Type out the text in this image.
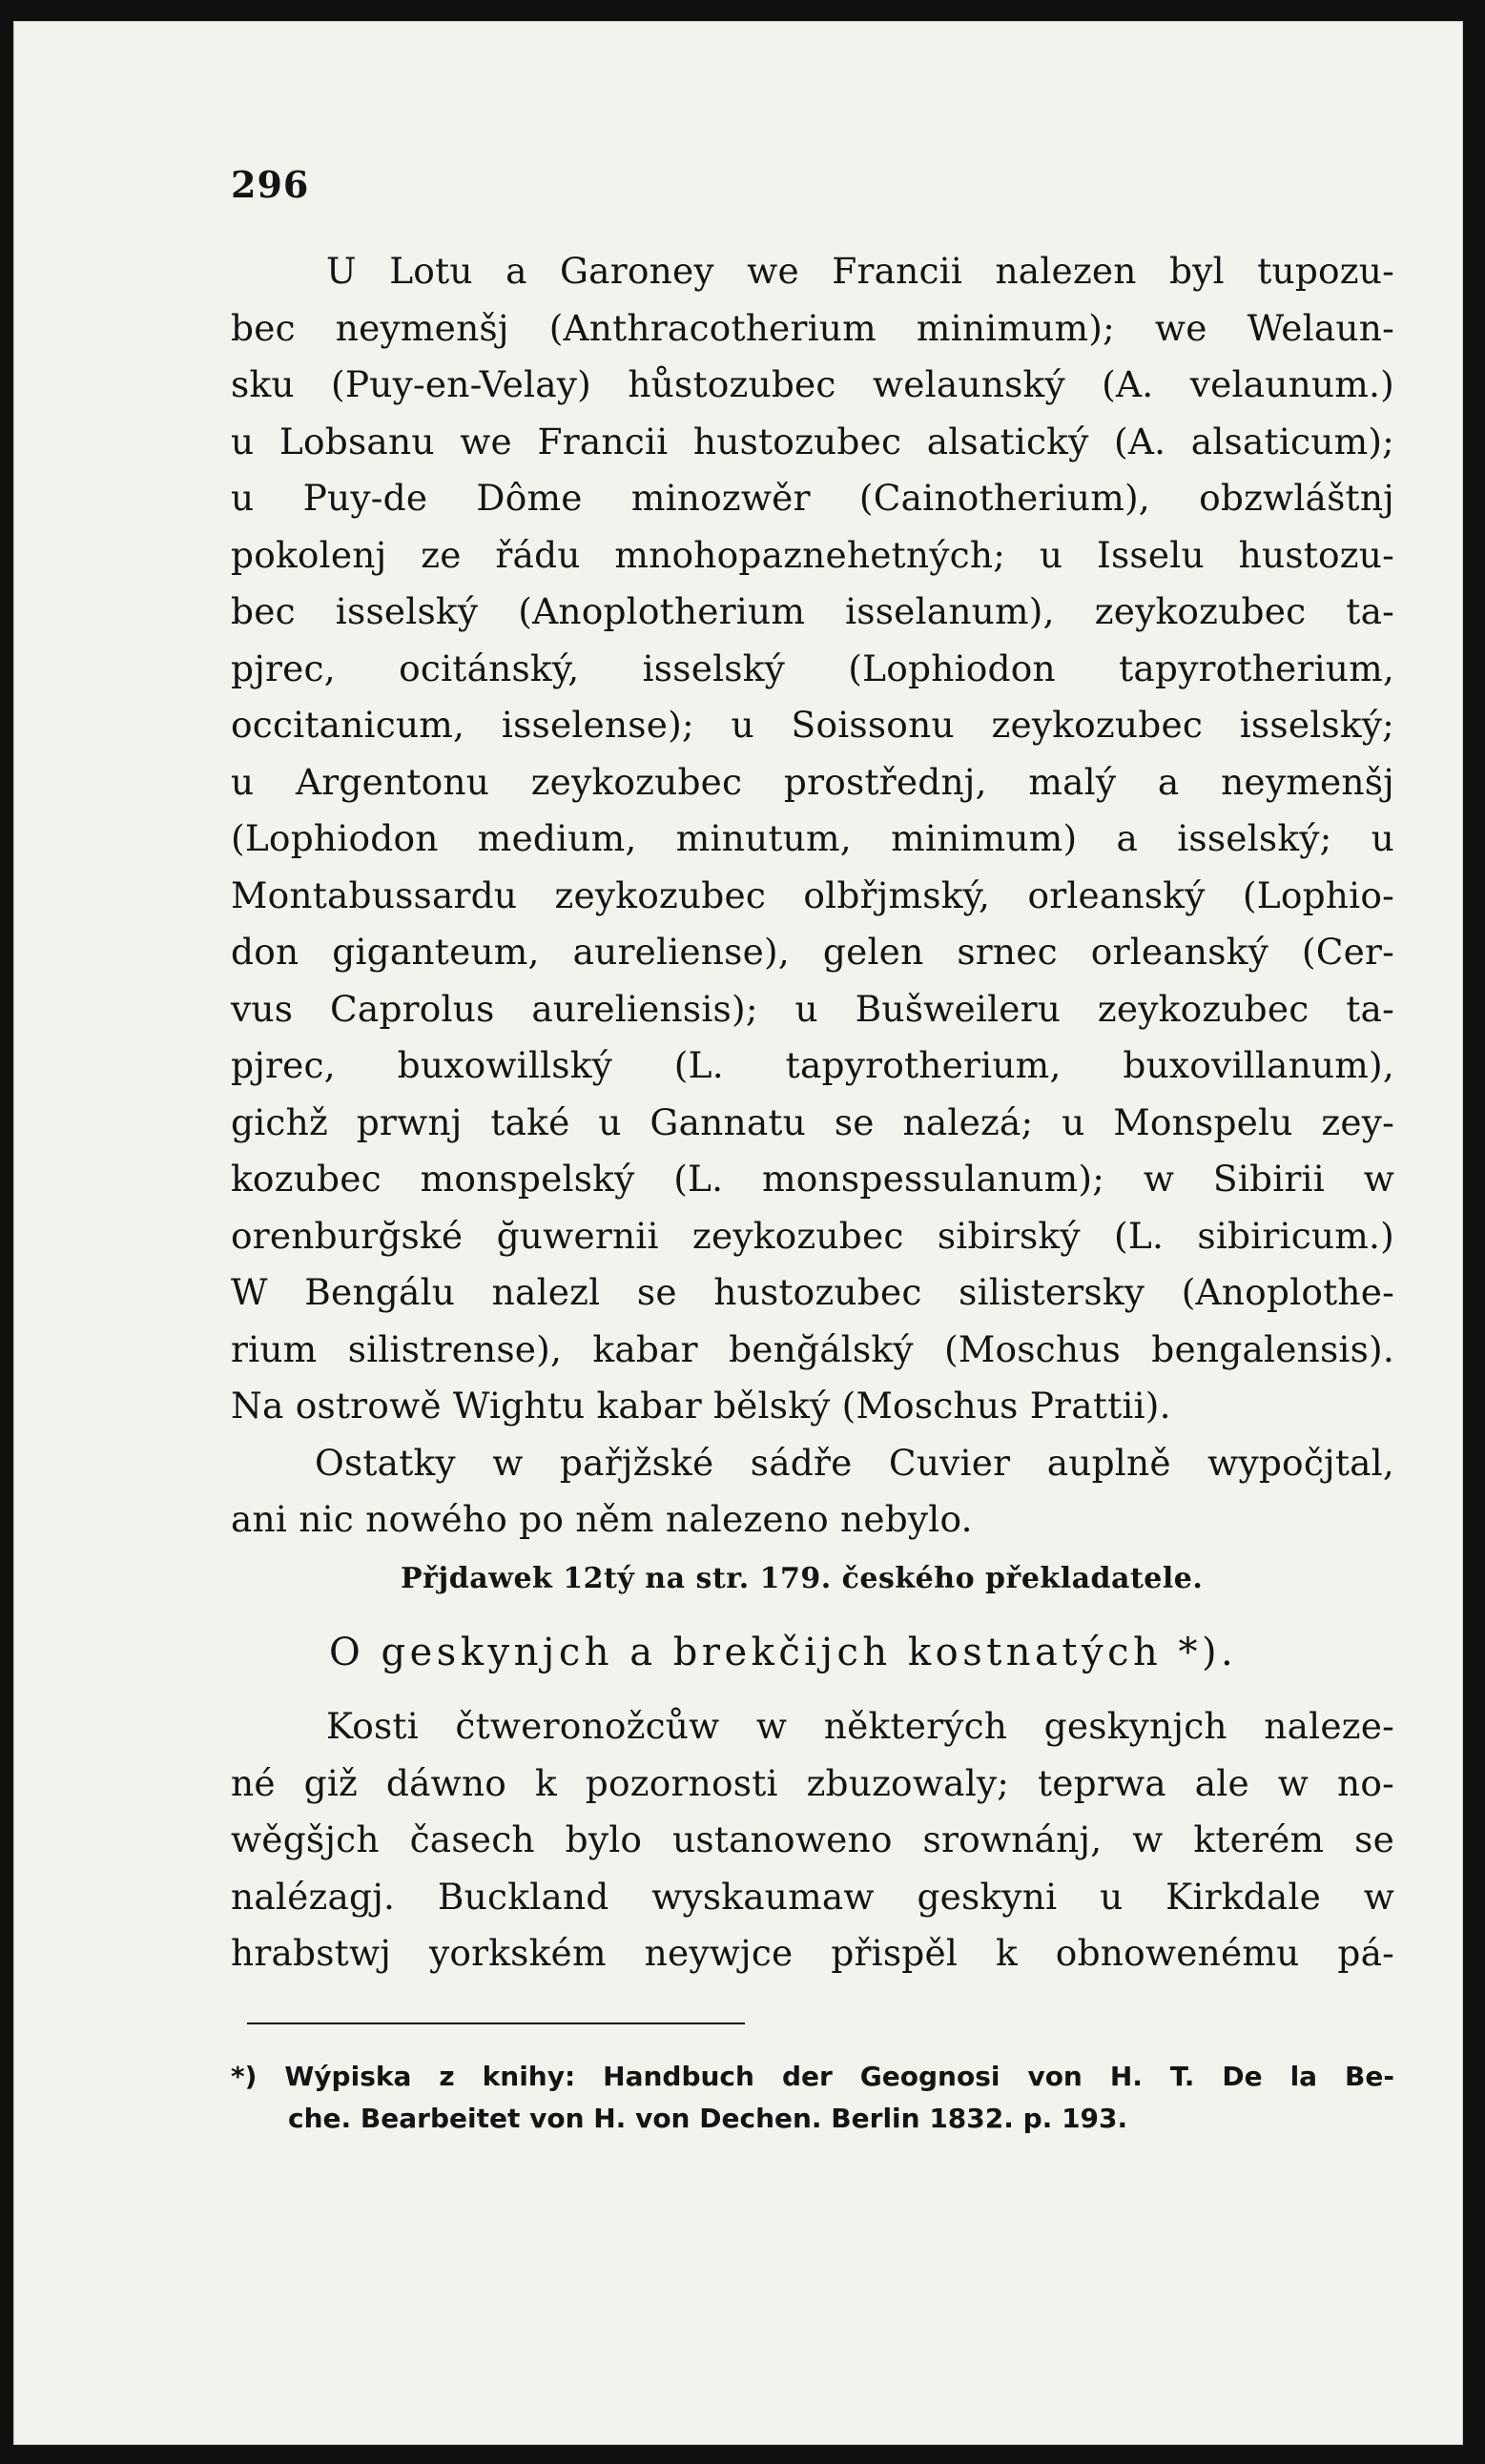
296
U Lotu a Garoney we Francii nalezen byl tupozu-
bec neymenšj (Anthracotherium minimum); we Welaun-
sku (Puy-en-Velay) hůstozubec welaunský (A. velaunum.)
u Lobsanu we Francii hustozubec alsatický (A. alsaticum);
u Puy-de Dôme minozwěr (Cainotherium), obzwláštnj
pokolenj ze řádu mnohopaznehetných; u Isselu hustozu-
bec isselský (Anoplotherium isselanum), zeykozubec ta-
pjrec, ocitánský, isselský (Lophiodon tapyrotherium,
occitanicum, isselense); u Soissonu zeykozubec isselský;
u Argentonu zeykozubec prostřednj, malý a neymenšj
(Lophiodon medium, minutum, minimum) a isselský; u
Montabussardu zeykozubec olbřjmský, orleanský (Lophio-
don giganteum, aureliense), gelen srnec orleanský (Cer-
vus Caprolus aureliensis); u Bušweileru zeykozubec ta-
pjrec, buxowillský (L. tapyrotherium, buxovillanum),
gichž prwnj také u Gannatu se nalezá; u Monspelu zey-
kozubec monspelský (L. monspessulanum); w Sibirii w
orenburğské ğuwernii zeykozubec sibirský (L. sibiricum.)
W Bengálu nalezl se hustozubec silistersky (Anoplothe-
rium silistrense), kabar benğálský (Moschus bengalensis).
Na ostrowě Wightu kabar bělský (Moschus Prattii).
Ostatky w pařjžské sádře Cuvier auplně wypočjtal,
ani nic nowého po něm nalezeno nebylo.
Přjdawek 12tý na str. 179. českého překladatele.
O geskynjch a brekčijch kostnatých *).
Kosti čtweronožcůw w některých geskynjch naleze-
né giž dáwno k pozornosti zbuzowaly; teprwa ale w no-
wěgšjch časech bylo ustanoweno srownánj, w kterém se
nalézagj. Buckland wyskaumaw geskyni u Kirkdale w
hrabstwj yorkském neywjce přispěl k obnowenému pá-
*) Wýpiska z knihy: Handbuch der Geognosi von H. T. De la Be-
che. Bearbeitet von H. von Dechen. Berlin 1832. p. 193.
